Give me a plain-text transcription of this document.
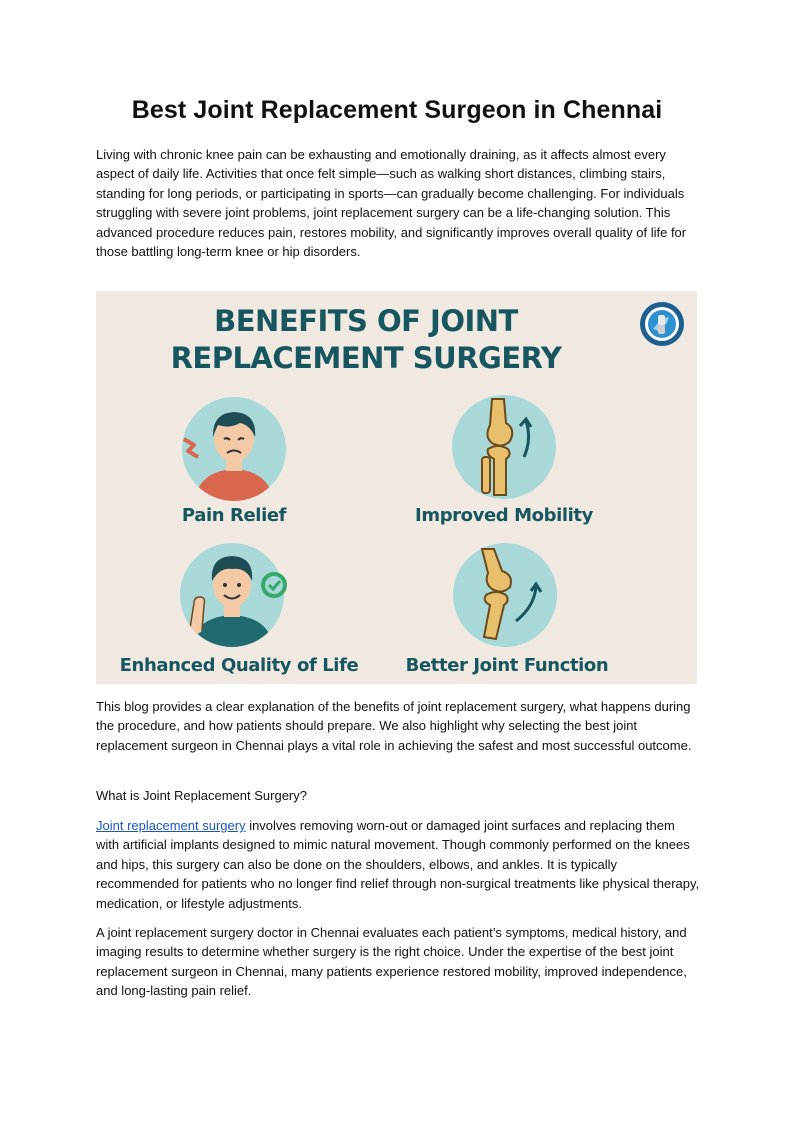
Best Joint Replacement Surgeon in Chennai

Living with chronic knee pain can be exhausting and emotionally draining, as it affects almost every aspect of daily life. Activities that once felt simple—such as walking short distances, climbing stairs, standing for long periods, or participating in sports—can gradually become challenging. For individuals struggling with severe joint problems, joint replacement surgery can be a life-changing solution. This advanced procedure reduces pain, restores mobility, and significantly improves overall quality of life for those battling long-term knee or hip disorders.

BENEFITS OF JOINT
REPLACEMENT SURGERY
Pain Relief	Improved Mobility
Enhanced Quality of Life	Better Joint Function

This blog provides a clear explanation of the benefits of joint replacement surgery, what happens during the procedure, and how patients should prepare. We also highlight why selecting the best joint replacement surgeon in Chennai plays a vital role in achieving the safest and most successful outcome.

What is Joint Replacement Surgery?

Joint replacement surgery involves removing worn-out or damaged joint surfaces and replacing them with artificial implants designed to mimic natural movement. Though commonly performed on the knees and hips, this surgery can also be done on the shoulders, elbows, and ankles. It is typically recommended for patients who no longer find relief through non-surgical treatments like physical therapy, medication, or lifestyle adjustments.

A joint replacement surgery doctor in Chennai evaluates each patient’s symptoms, medical history, and imaging results to determine whether surgery is the right choice. Under the expertise of the best joint replacement surgeon in Chennai, many patients experience restored mobility, improved independence, and long-lasting pain relief.
